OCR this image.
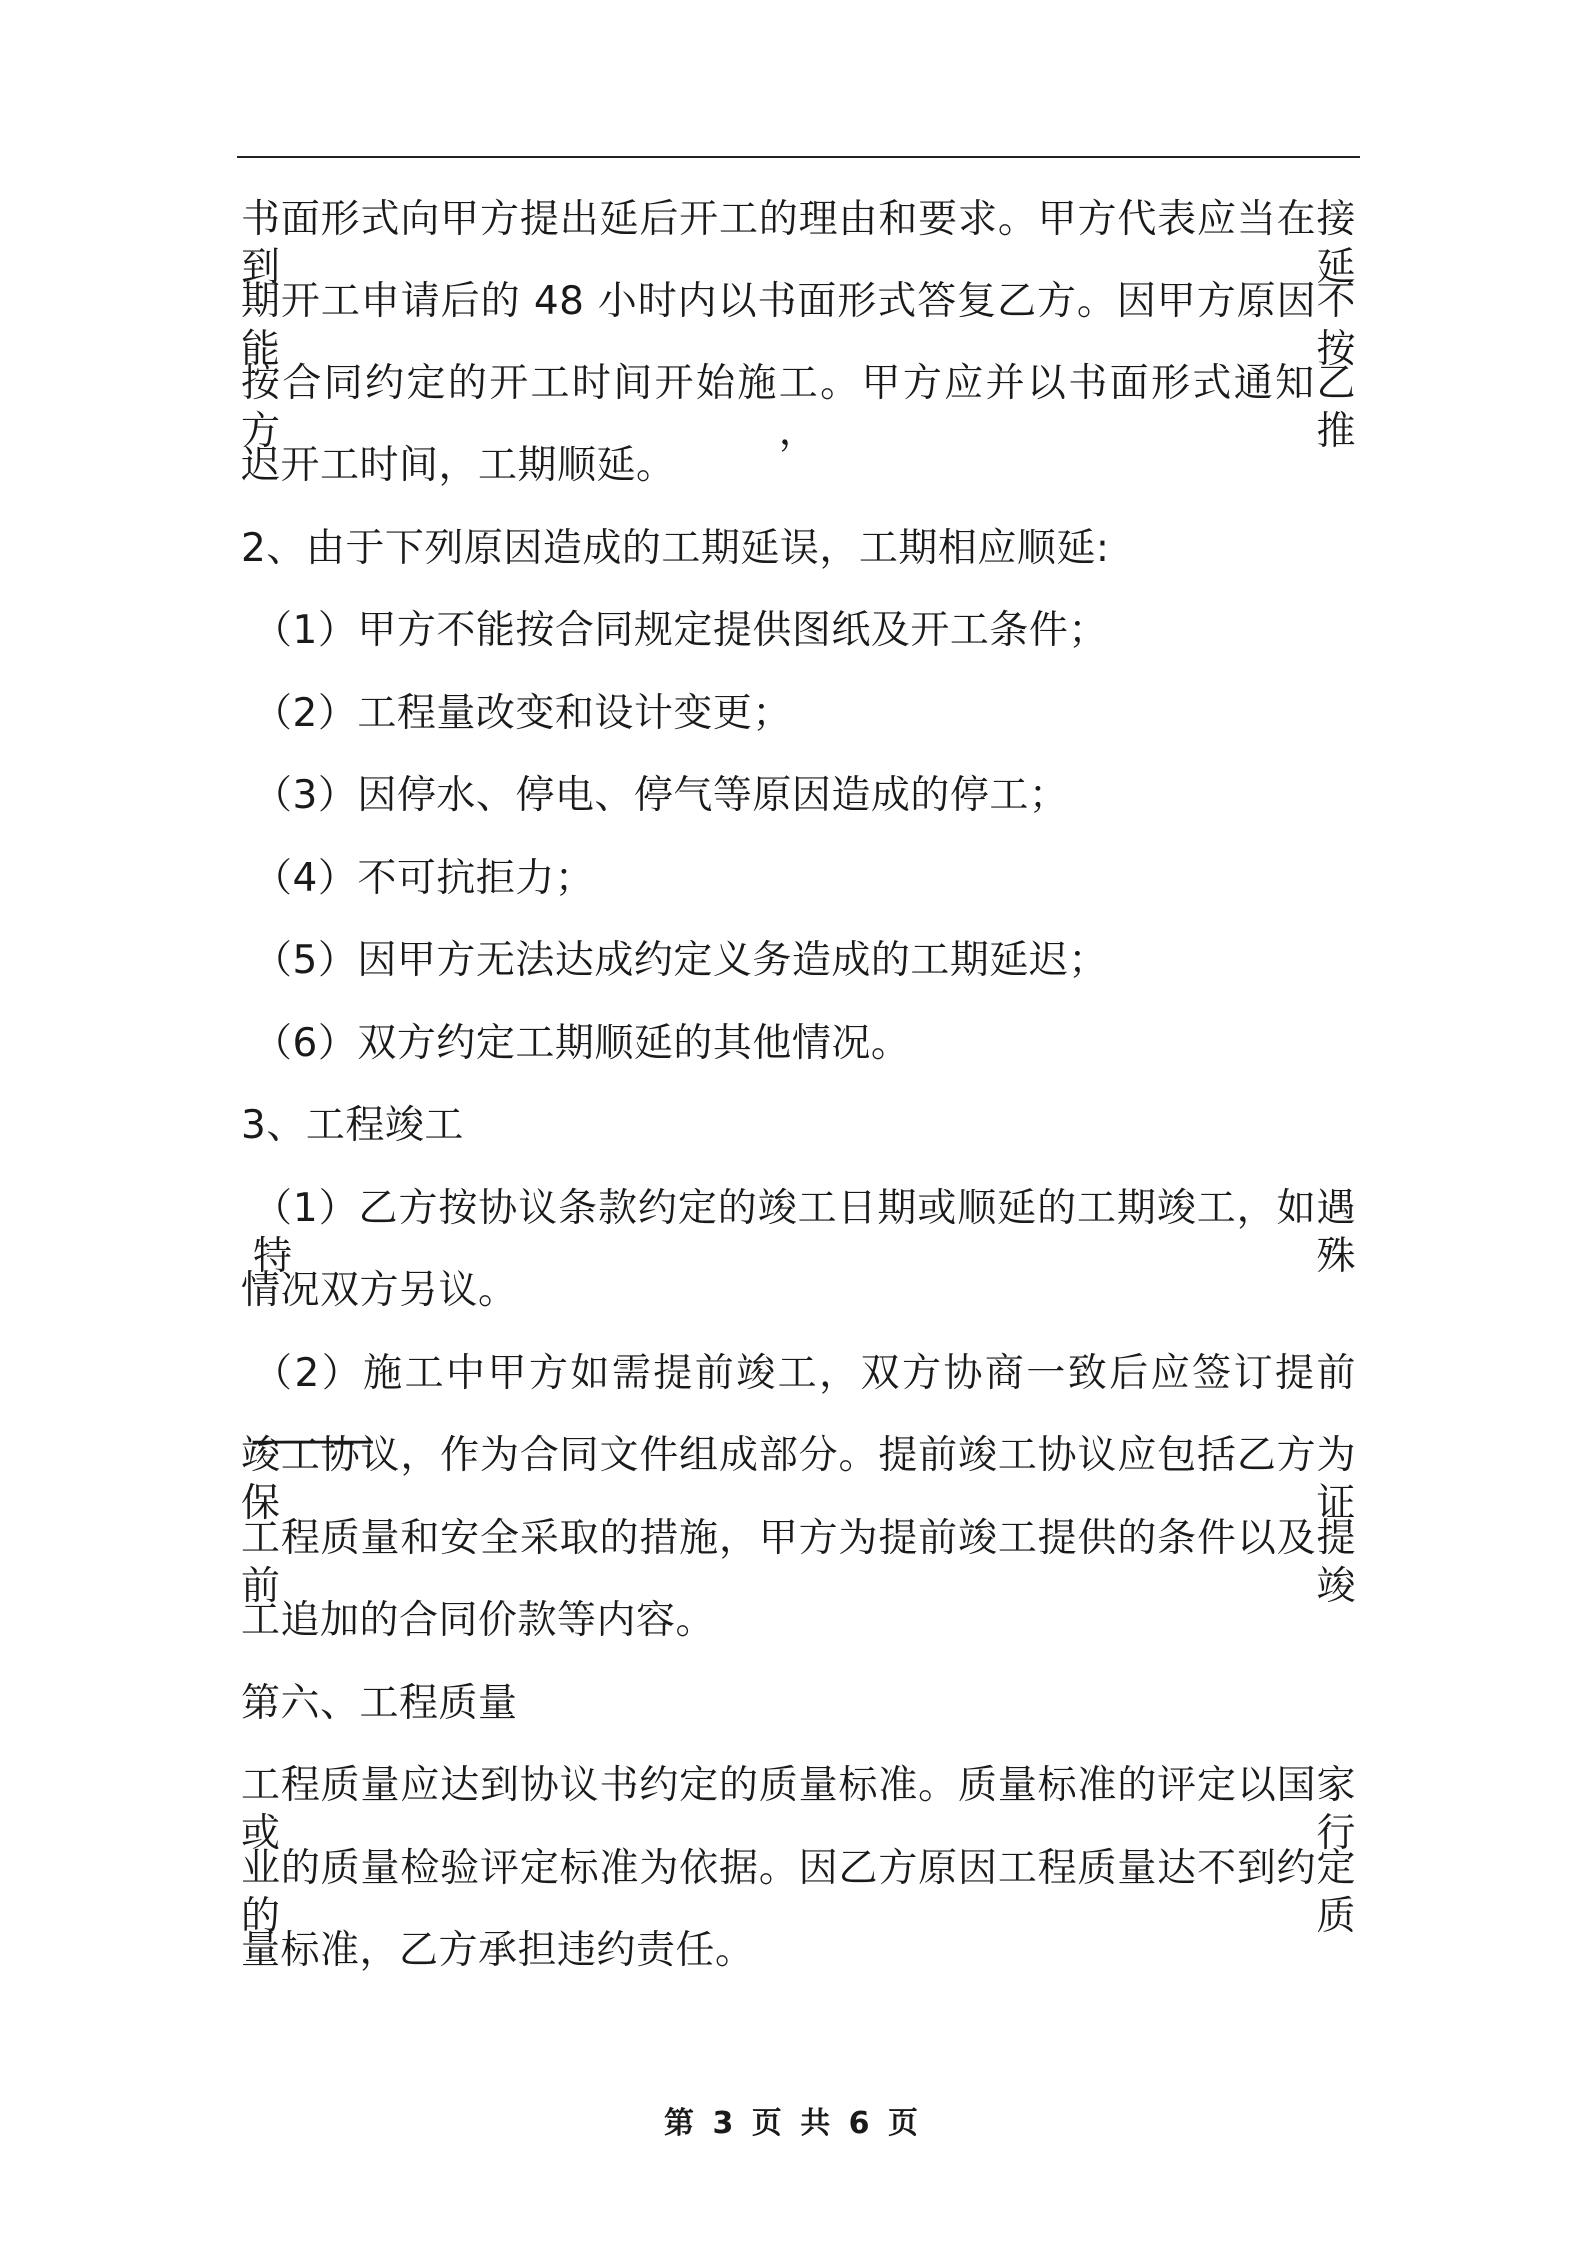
书面形式向甲方提出延后开工的理由和要求。甲方代表应当在接到延
期开工申请后的 48 小时内以书面形式答复乙方。因甲方原因不能按
按合同约定的开工时间开始施工。甲方应并以书面形式通知乙方，推
迟开工时间，工期顺延。
2、由于下列原因造成的工期延误，工期相应顺延:
（1）甲方不能按合同规定提供图纸及开工条件；
（2）工程量改变和设计变更；
（3）因停水、停电、停气等原因造成的停工；
（4）不可抗拒力；
（5）因甲方无法达成约定义务造成的工期延迟；
（6）双方约定工期顺延的其他情况。
3、工程竣工
（1）乙方按协议条款约定的竣工日期或顺延的工期竣工，如遇特殊
情况双方另议。
（2）施工中甲方如需提前竣工，双方协商一致后应签订提前______
竣工协议，作为合同文件组成部分。提前竣工协议应包括乙方为保证
工程质量和安全采取的措施，甲方为提前竣工提供的条件以及提前竣
工追加的合同价款等内容。
第六、工程质量
工程质量应达到协议书约定的质量标准。质量标准的评定以国家或行
业的质量检验评定标准为依据。因乙方原因工程质量达不到约定的质
量标准，乙方承担违约责任。
第 3 页 共 6 页
